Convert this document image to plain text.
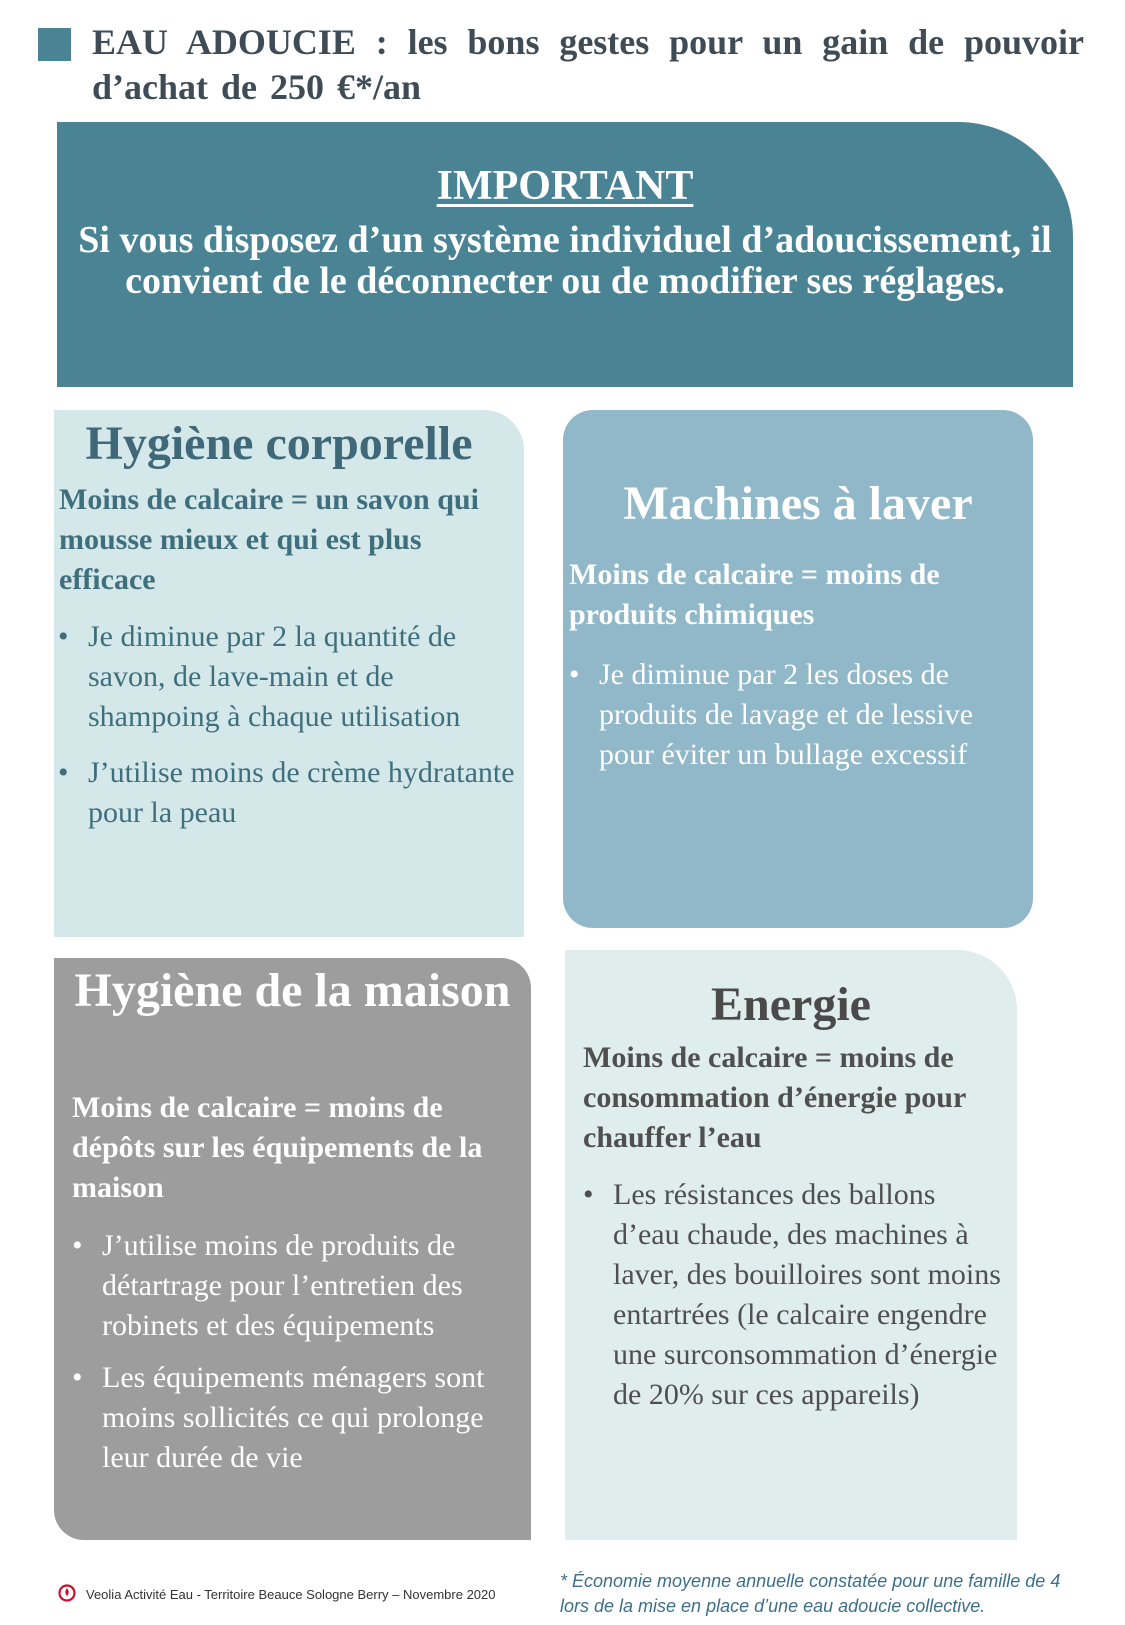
EAU ADOUCIE : les bons gestes pour un gain de pouvoir d’achat de 250 €*/an
IMPORTANT
Si vous disposez d’un système individuel d’adoucissement, il convient de le déconnecter ou de modifier ses réglages.
Hygiène corporelle
Moins de calcaire = un savon qui mousse mieux et qui est plus efficace
• Je diminue par 2 la quantité de savon, de lave-main et de shampoing à chaque utilisation
• J’utilise moins de crème hydratante pour la peau
Machines à laver
Moins de calcaire = moins de produits chimiques
• Je diminue par 2 les doses de produits de lavage et de lessive pour éviter un bullage excessif
Hygiène de la maison
Moins de calcaire = moins de dépôts sur les équipements de la maison
• J’utilise moins de produits de détartrage pour l’entretien des robinets et des équipements
• Les équipements ménagers sont moins sollicités ce qui prolonge leur durée de vie
Energie
Moins de calcaire = moins de consommation d’énergie pour chauffer l’eau
• Les résistances des ballons d’eau chaude, des machines à laver, des bouilloires sont moins entartrées (le calcaire engendre une surconsommation d’énergie de 20% sur ces appareils)
Veolia Activité Eau - Territoire Beauce Sologne Berry – Novembre 2020
* Économie moyenne annuelle constatée pour une famille de 4 lors de la mise en place d’une eau adoucie collective.
